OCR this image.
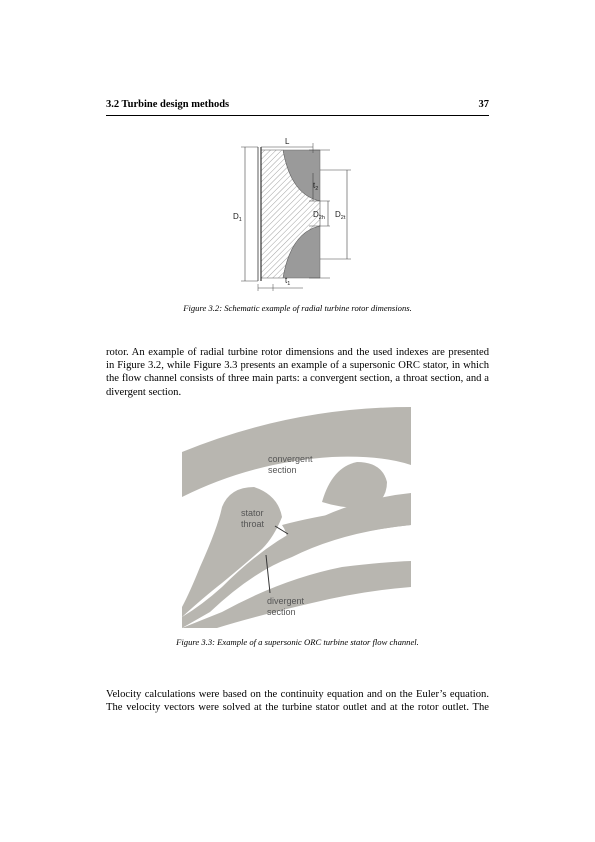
3.2 Turbine design methods	37
L
$t_2$
$D_{2h}$ $D_{2t}$
$D_1$
$t_1$
Figure 3.2: Schematic example of radial turbine rotor dimensions.
rotor. An example of radial turbine rotor dimensions and the used indexes are presented
in Figure 3.2, while Figure 3.3 presents an example of a supersonic ORC stator, in which
the flow channel consists of three main parts: a convergent section, a throat section, and a
divergent section.
convergent
section
stator
throat
divergent
section
Figure 3.3: Example of a supersonic ORC turbine stator flow channel.
Velocity calculations were based on the continuity equation and on the Euler’s equation.
The velocity vectors were solved at the turbine stator outlet and at the rotor outlet. The
